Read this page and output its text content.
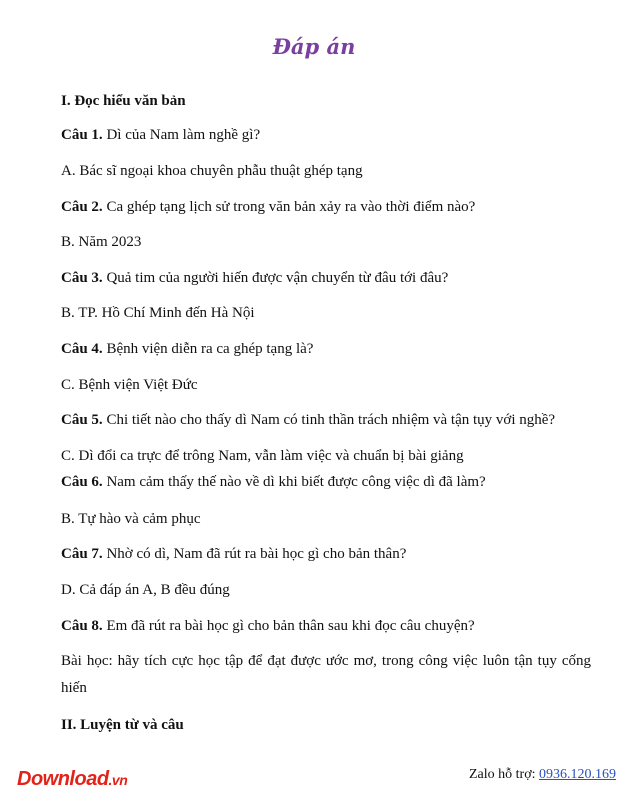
Đáp án
I. Đọc hiểu văn bản
Câu 1. Dì của Nam làm nghề gì?
A. Bác sĩ ngoại khoa chuyên phẫu thuật ghép tạng
Câu 2. Ca ghép tạng lịch sử trong văn bản xảy ra vào thời điểm nào?
B. Năm 2023
Câu 3. Quả tim của người hiến được vận chuyển từ đâu tới đâu?
B. TP. Hồ Chí Minh đến Hà Nội
Câu 4. Bệnh viện diễn ra ca ghép tạng là?
C. Bệnh viện Việt Đức
Câu 5. Chi tiết nào cho thấy dì Nam có tinh thần trách nhiệm và tận tụy với nghề?
C. Dì đổi ca trực để trông Nam, vẫn làm việc và chuẩn bị bài giảng
Câu 6. Nam cảm thấy thế nào về dì khi biết được công việc dì đã làm?
B. Tự hào và cảm phục
Câu 7. Nhờ có dì, Nam đã rút ra bài học gì cho bản thân?
D. Cả đáp án A, B đều đúng
Câu 8. Em đã rút ra bài học gì cho bản thân sau khi đọc câu chuyện?
Bài học: hãy tích cực học tập để đạt được ước mơ, trong công việc luôn tận tụy cống hiến
II. Luyện từ và câu
Download.vn	Zalo hỗ trợ: 0936.120.169
